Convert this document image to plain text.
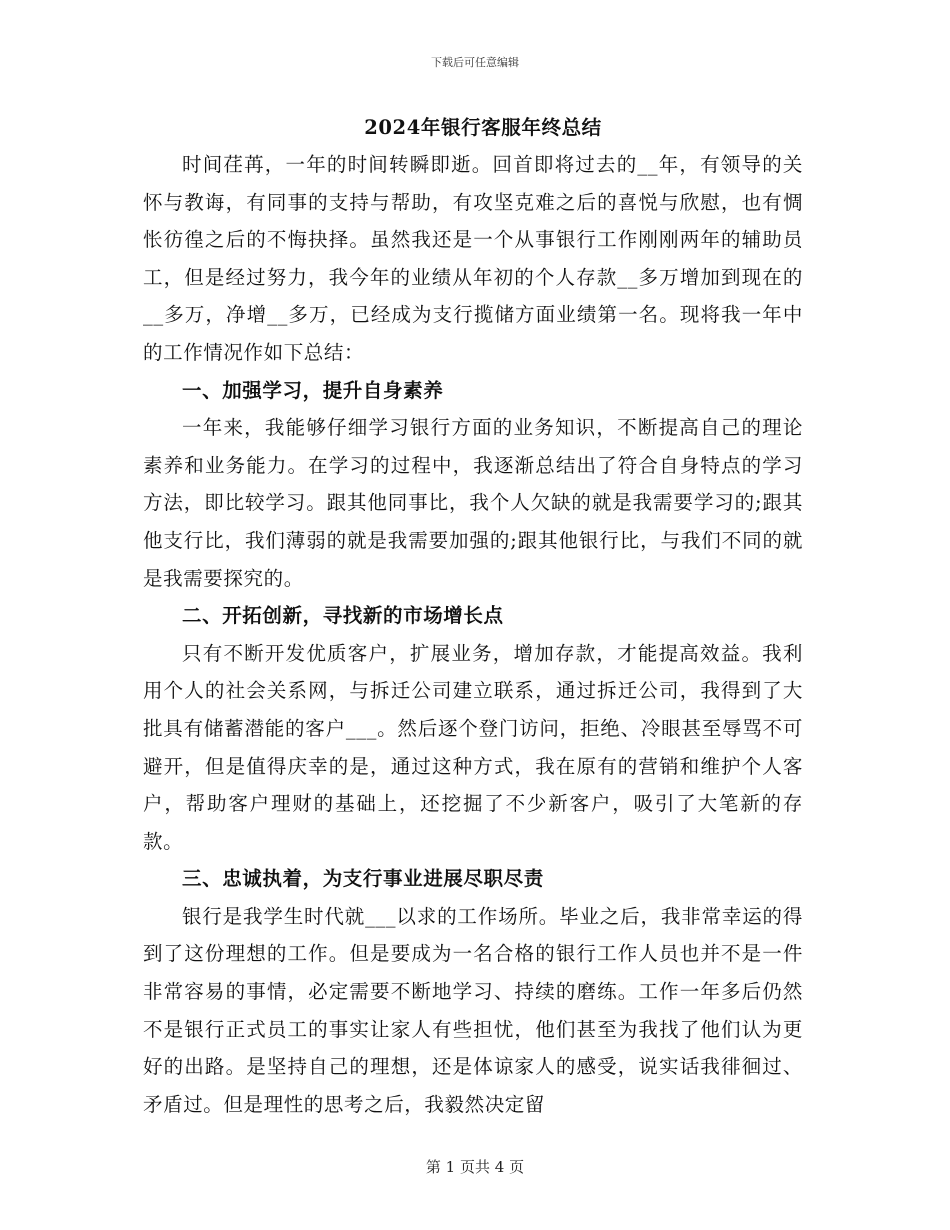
下载后可任意编辑
2024年银行客服年终总结

时间荏苒，一年的时间转瞬即逝。回首即将过去的__年，有领导的关怀与教诲，有同事的支持与帮助，有攻坚克难之后的喜悦与欣慰，也有惆怅彷徨之后的不悔抉择。虽然我还是一个从事银行工作刚刚两年的辅助员工，但是经过努力，我今年的业绩从年初的个人存款__多万增加到现在的__多万，净增__多万，已经成为支行揽储方面业绩第一名。现将我一年中的工作情况作如下总结：

一、加强学习，提升自身素养

一年来，我能够仔细学习银行方面的业务知识，不断提高自己的理论素养和业务能力。在学习的过程中，我逐渐总结出了符合自身特点的学习方法，即比较学习。跟其他同事比，我个人欠缺的就是我需要学习的;跟其他支行比，我们薄弱的就是我需要加强的;跟其他银行比，与我们不同的就是我需要探究的。

二、开拓创新，寻找新的市场增长点

只有不断开发优质客户，扩展业务，增加存款，才能提高效益。我利用个人的社会关系网，与拆迁公司建立联系，通过拆迁公司，我得到了大批具有储蓄潜能的客户___。然后逐个登门访问，拒绝、冷眼甚至辱骂不可避开，但是值得庆幸的是，通过这种方式，我在原有的营销和维护个人客户，帮助客户理财的基础上，还挖掘了不少新客户，吸引了大笔新的存款。

三、忠诚执着，为支行事业进展尽职尽责

银行是我学生时代就___以求的工作场所。毕业之后，我非常幸运的得到了这份理想的工作。但是要成为一名合格的银行工作人员也并不是一件非常容易的事情，必定需要不断地学习、持续的磨练。工作一年多后仍然不是银行正式员工的事实让家人有些担忧，他们甚至为我找了他们认为更好的出路。是坚持自己的理想，还是体谅家人的感受，说实话我徘徊过、矛盾过。但是理性的思考之后，我毅然决定留

第 1 页共 4 页
